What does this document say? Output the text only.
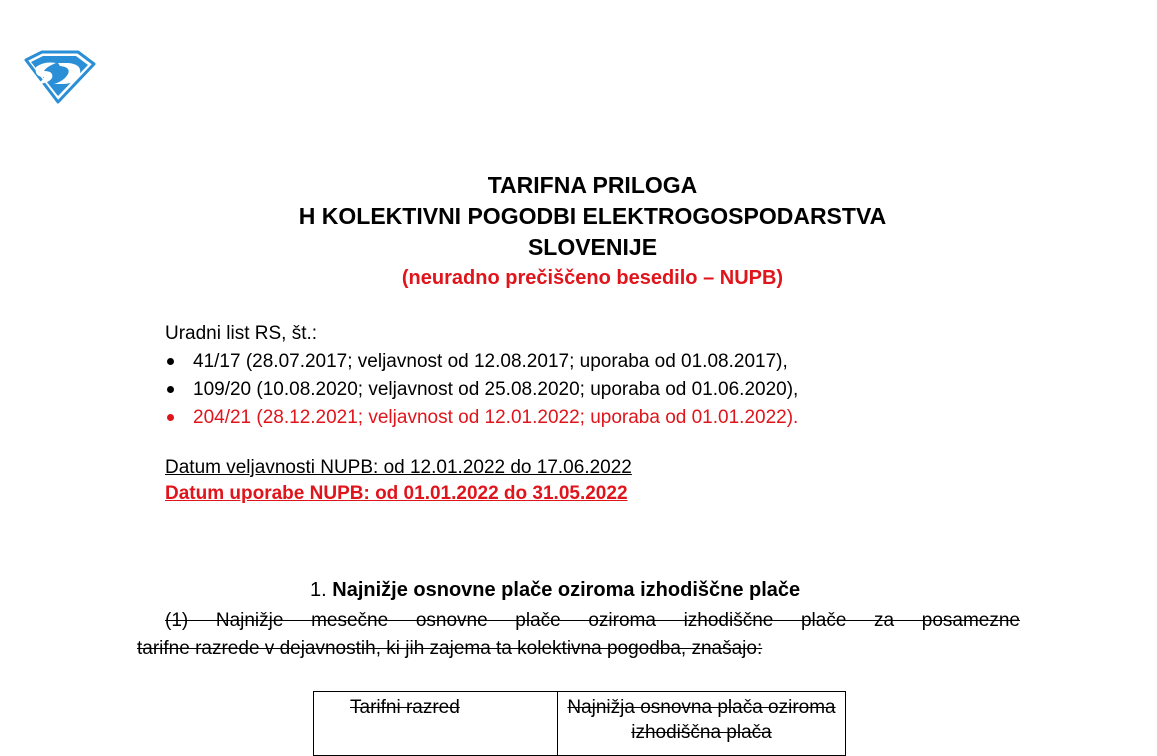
TARIFNA PRILOGA
H KOLEKTIVNI POGODBI ELEKTROGOSPODARSTVA
SLOVENIJE
(neuradno prečiščeno besedilo – NUPB)
Uradni list RS, št.:
41/17 (28.07.2017; veljavnost od 12.08.2017; uporaba od 01.08.2017),
109/20 (10.08.2020; veljavnost od 25.08.2020; uporaba od 01.06.2020),
204/21 (28.12.2021; veljavnost od 12.01.2022; uporaba od 01.01.2022).
Datum veljavnosti NUPB: od 12.01.2022 do 17.06.2022
Datum uporabe NUPB: od 01.01.2022 do 31.05.2022
1. Najnižje osnovne plače oziroma izhodiščne plače
(1) Najnižje mesečne osnovne plače oziroma izhodiščne plače za posamezne
tarifne razrede v dejavnostih, ki jih zajema ta kolektivna pogodba, znašajo:
Tarifni razred	Najnižja osnovna plača oziroma izhodiščna plača
